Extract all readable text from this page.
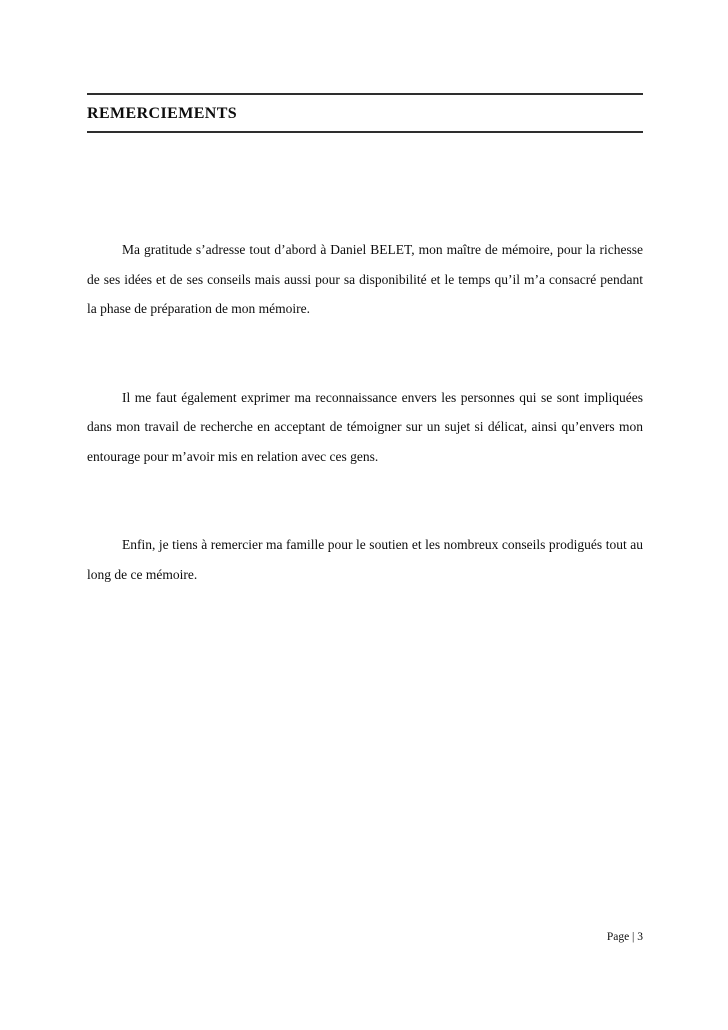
REMERCIEMENTS

Ma gratitude s’adresse tout d’abord à Daniel BELET, mon maître de mémoire, pour la richesse de ses idées et de ses conseils mais aussi pour sa disponibilité et le temps qu’il m’a consacré pendant la phase de préparation de mon mémoire.

Il me faut également exprimer ma reconnaissance envers les personnes qui se sont impliquées dans mon travail de recherche en acceptant de témoigner sur un sujet si délicat, ainsi qu’envers mon entourage pour m’avoir mis en relation avec ces gens.

Enfin, je tiens à remercier ma famille pour le soutien et les nombreux conseils prodigués tout au long de ce mémoire.

Page | 3
